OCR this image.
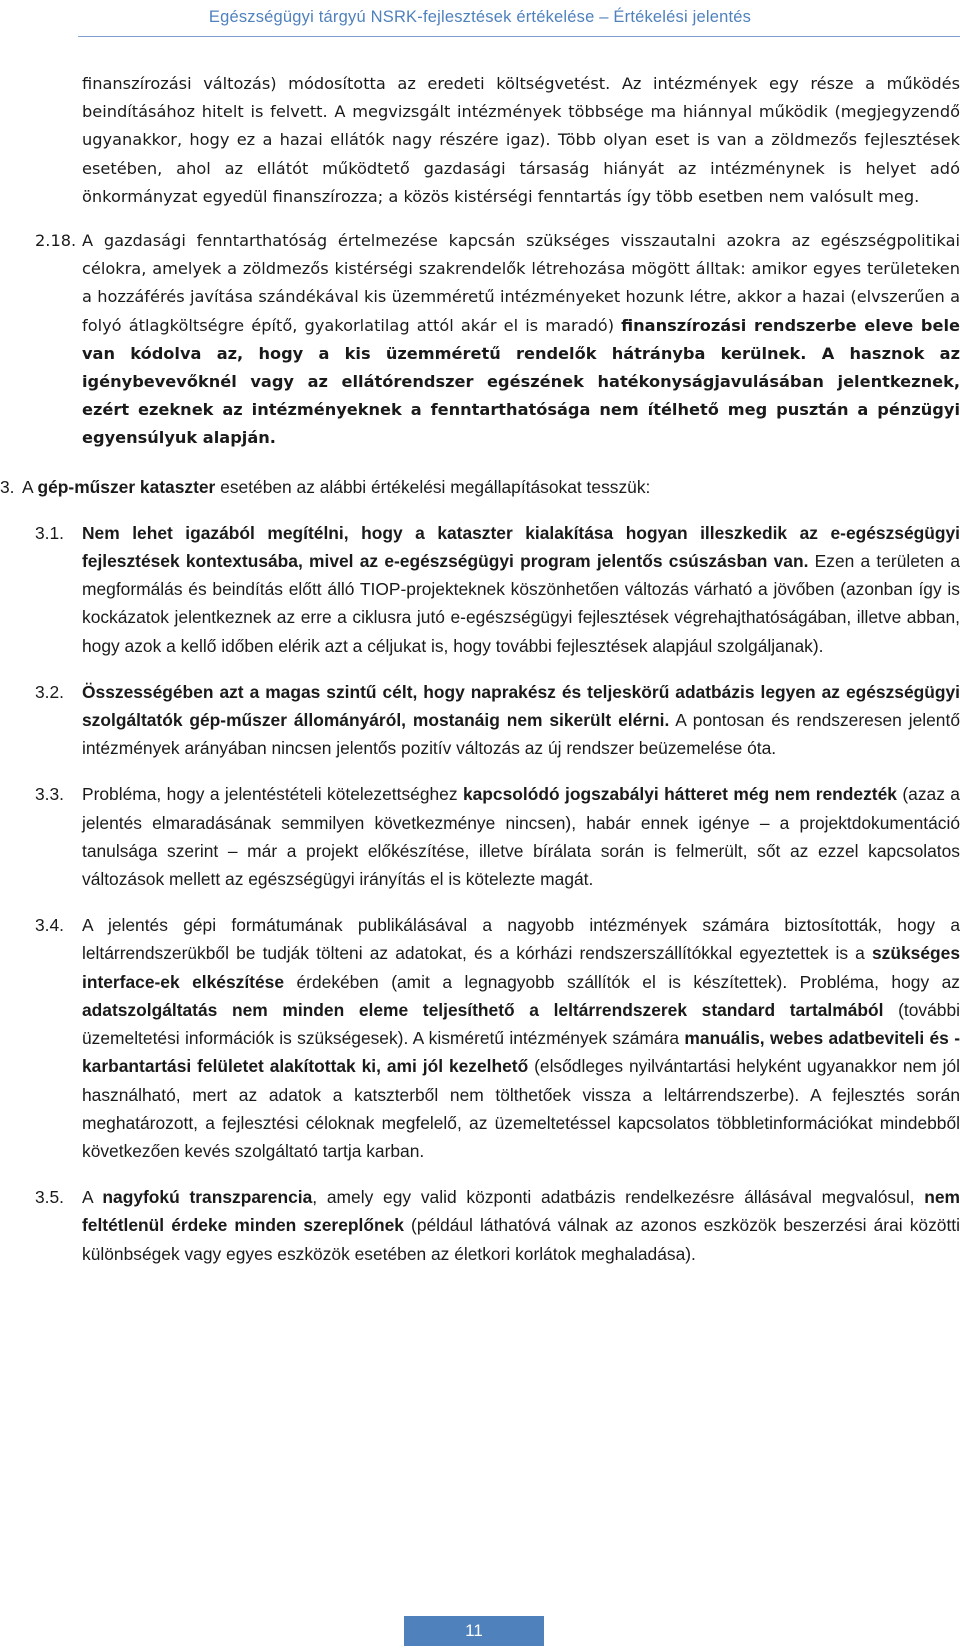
Egészségügyi tárgyú NSRK-fejlesztések értékelése – Értékelési jelentés

finanszírozási változás) módosította az eredeti költségvetést. Az intézmények egy része a működés beindításához hitelt is felvett. A megvizsgált intézmények többsége ma hiánnyal működik (megjegyzendő ugyanakkor, hogy ez a hazai ellátók nagy részére igaz). Több olyan eset is van a zöldmezős fejlesztések esetében, ahol az ellátót működtető gazdasági társaság hiányát az intézménynek is helyet adó önkormányzat egyedül finanszírozza; a közös kistérségi fenntartás így több esetben nem valósult meg.

2.18. A gazdasági fenntarthatóság értelmezése kapcsán szükséges visszautalni azokra az egészségpolitikai célokra, amelyek a zöldmezős kistérségi szakrendelők létrehozása mögött álltak: amikor egyes területeken a hozzáférés javítása szándékával kis üzemméretű intézményeket hozunk létre, akkor a hazai (elvszerűen a folyó átlagköltségre építő, gyakorlatilag attól akár el is maradó) finanszírozási rendszerbe eleve bele van kódolva az, hogy a kis üzemméretű rendelők hátrányba kerülnek. A hasznok az igénybevevőknél vagy az ellátórendszer egészének hatékonyságjavulásában jelentkeznek, ezért ezeknek az intézményeknek a fenntarthatósága nem ítélhető meg pusztán a pénzügyi egyensúlyuk alapján.

3. A gép-műszer kataszter esetében az alábbi értékelési megállapításokat tesszük:

3.1. Nem lehet igazából megítélni, hogy a kataszter kialakítása hogyan illeszkedik az e-egészségügyi fejlesztések kontextusába, mivel az e-egészségügyi program jelentős csúszásban van. Ezen a területen a megformálás és beindítás előtt álló TIOP-projekteknek köszönhetően változás várható a jövőben (azonban így is kockázatok jelentkeznek az erre a ciklusra jutó e-egészségügyi fejlesztések végrehajthatóságában, illetve abban, hogy azok a kellő időben elérik azt a céljukat is, hogy további fejlesztések alapjául szolgáljanak).

3.2. Összességében azt a magas szintű célt, hogy naprakész és teljeskörű adatbázis legyen az egészségügyi szolgáltatók gép-műszer állományáról, mostanáig nem sikerült elérni. A pontosan és rendszeresen jelentő intézmények arányában nincsen jelentős pozitív változás az új rendszer beüzemelése óta.

3.3. Probléma, hogy a jelentéstételi kötelezettséghez kapcsolódó jogszabályi hátteret még nem rendezték (azaz a jelentés elmaradásának semmilyen következménye nincsen), habár ennek igénye – a projektdokumentáció tanulsága szerint – már a projekt előkészítése, illetve bírálata során is felmerült, sőt az ezzel kapcsolatos változások mellett az egészségügyi irányítás el is kötelezte magát.

3.4. A jelentés gépi formátumának publikálásával a nagyobb intézmények számára biztosították, hogy a leltárrendszerükből be tudják tölteni az adatokat, és a kórházi rendszerszállítókkal egyeztettek is a szükséges interface-ek elkészítése érdekében (amit a legnagyobb szállítók el is készítettek). Probléma, hogy az adatszolgáltatás nem minden eleme teljesíthető a leltárrendszerek standard tartalmából (további üzemeltetési információk is szükségesek). A kisméretű intézmények számára manuális, webes adatbeviteli és -karbantartási felületet alakítottak ki, ami jól kezelhető (elsődleges nyilvántartási helyként ugyanakkor nem jól használható, mert az adatok a katszterből nem tölthetőek vissza a leltárrendszerbe). A fejlesztés során meghatározott, a fejlesztési céloknak megfelelő, az üzemeltetéssel kapcsolatos többletinformációkat mindebből következően kevés szolgáltató tartja karban.

3.5. A nagyfokú transzparencia, amely egy valid központi adatbázis rendelkezésre állásával megvalósul, nem feltétlenül érdeke minden szereplőnek (például láthatóvá válnak az azonos eszközök beszerzési árai közötti különbségek vagy egyes eszközök esetében az életkori korlátok meghaladása).

11
